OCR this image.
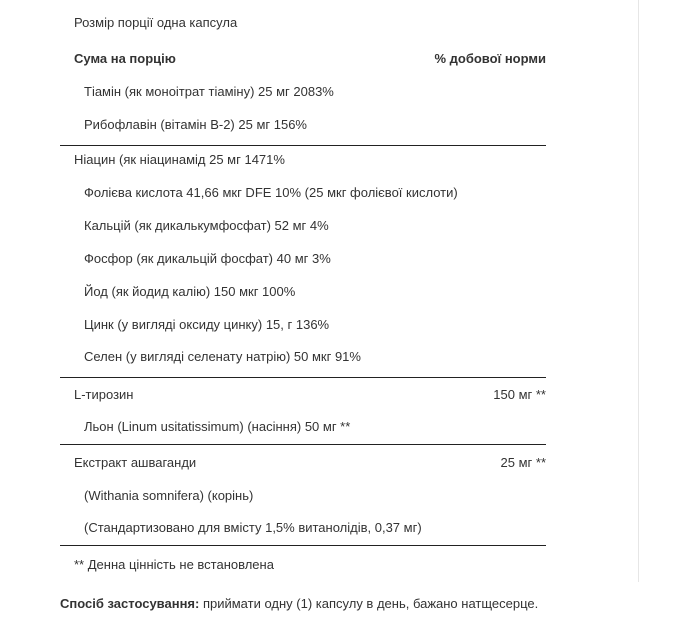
Розмір порції одна капсула
Сума на порцію	% добової норми
Тіамін (як моноітрат тіаміну) 25 мг 2083%
Рибофлавін (вітамін B-2) 25 мг 156%
Ніацин (як ніацинамід 25 мг 1471%
Фолієва кислота 41,66 мкг DFE 10% (25 мкг фолієвої кислоти)
Кальцій (як дикалькумфосфат) 52 мг 4%
Фосфор (як дикальцій фосфат) 40 мг 3%
Йод (як йодид калію) 150 мкг 100%
Цинк (у вигляді оксиду цинку) 15, г 136%
Селен (у вигляді селенату натрію) 50 мкг 91%
L-тирозин	150 мг **
Льон (Linum usitatissimum) (насіння) 50 мг **
Екстракт ашваганди	25 мг **
(Withania somnifera) (корінь)
(Стандартизовано для вмісту 1,5% витанолідів, 0,37 мг)
** Денна цінність не встановлена
Спосіб застосування: приймати одну (1) капсулу в день, бажано натщесерце.
